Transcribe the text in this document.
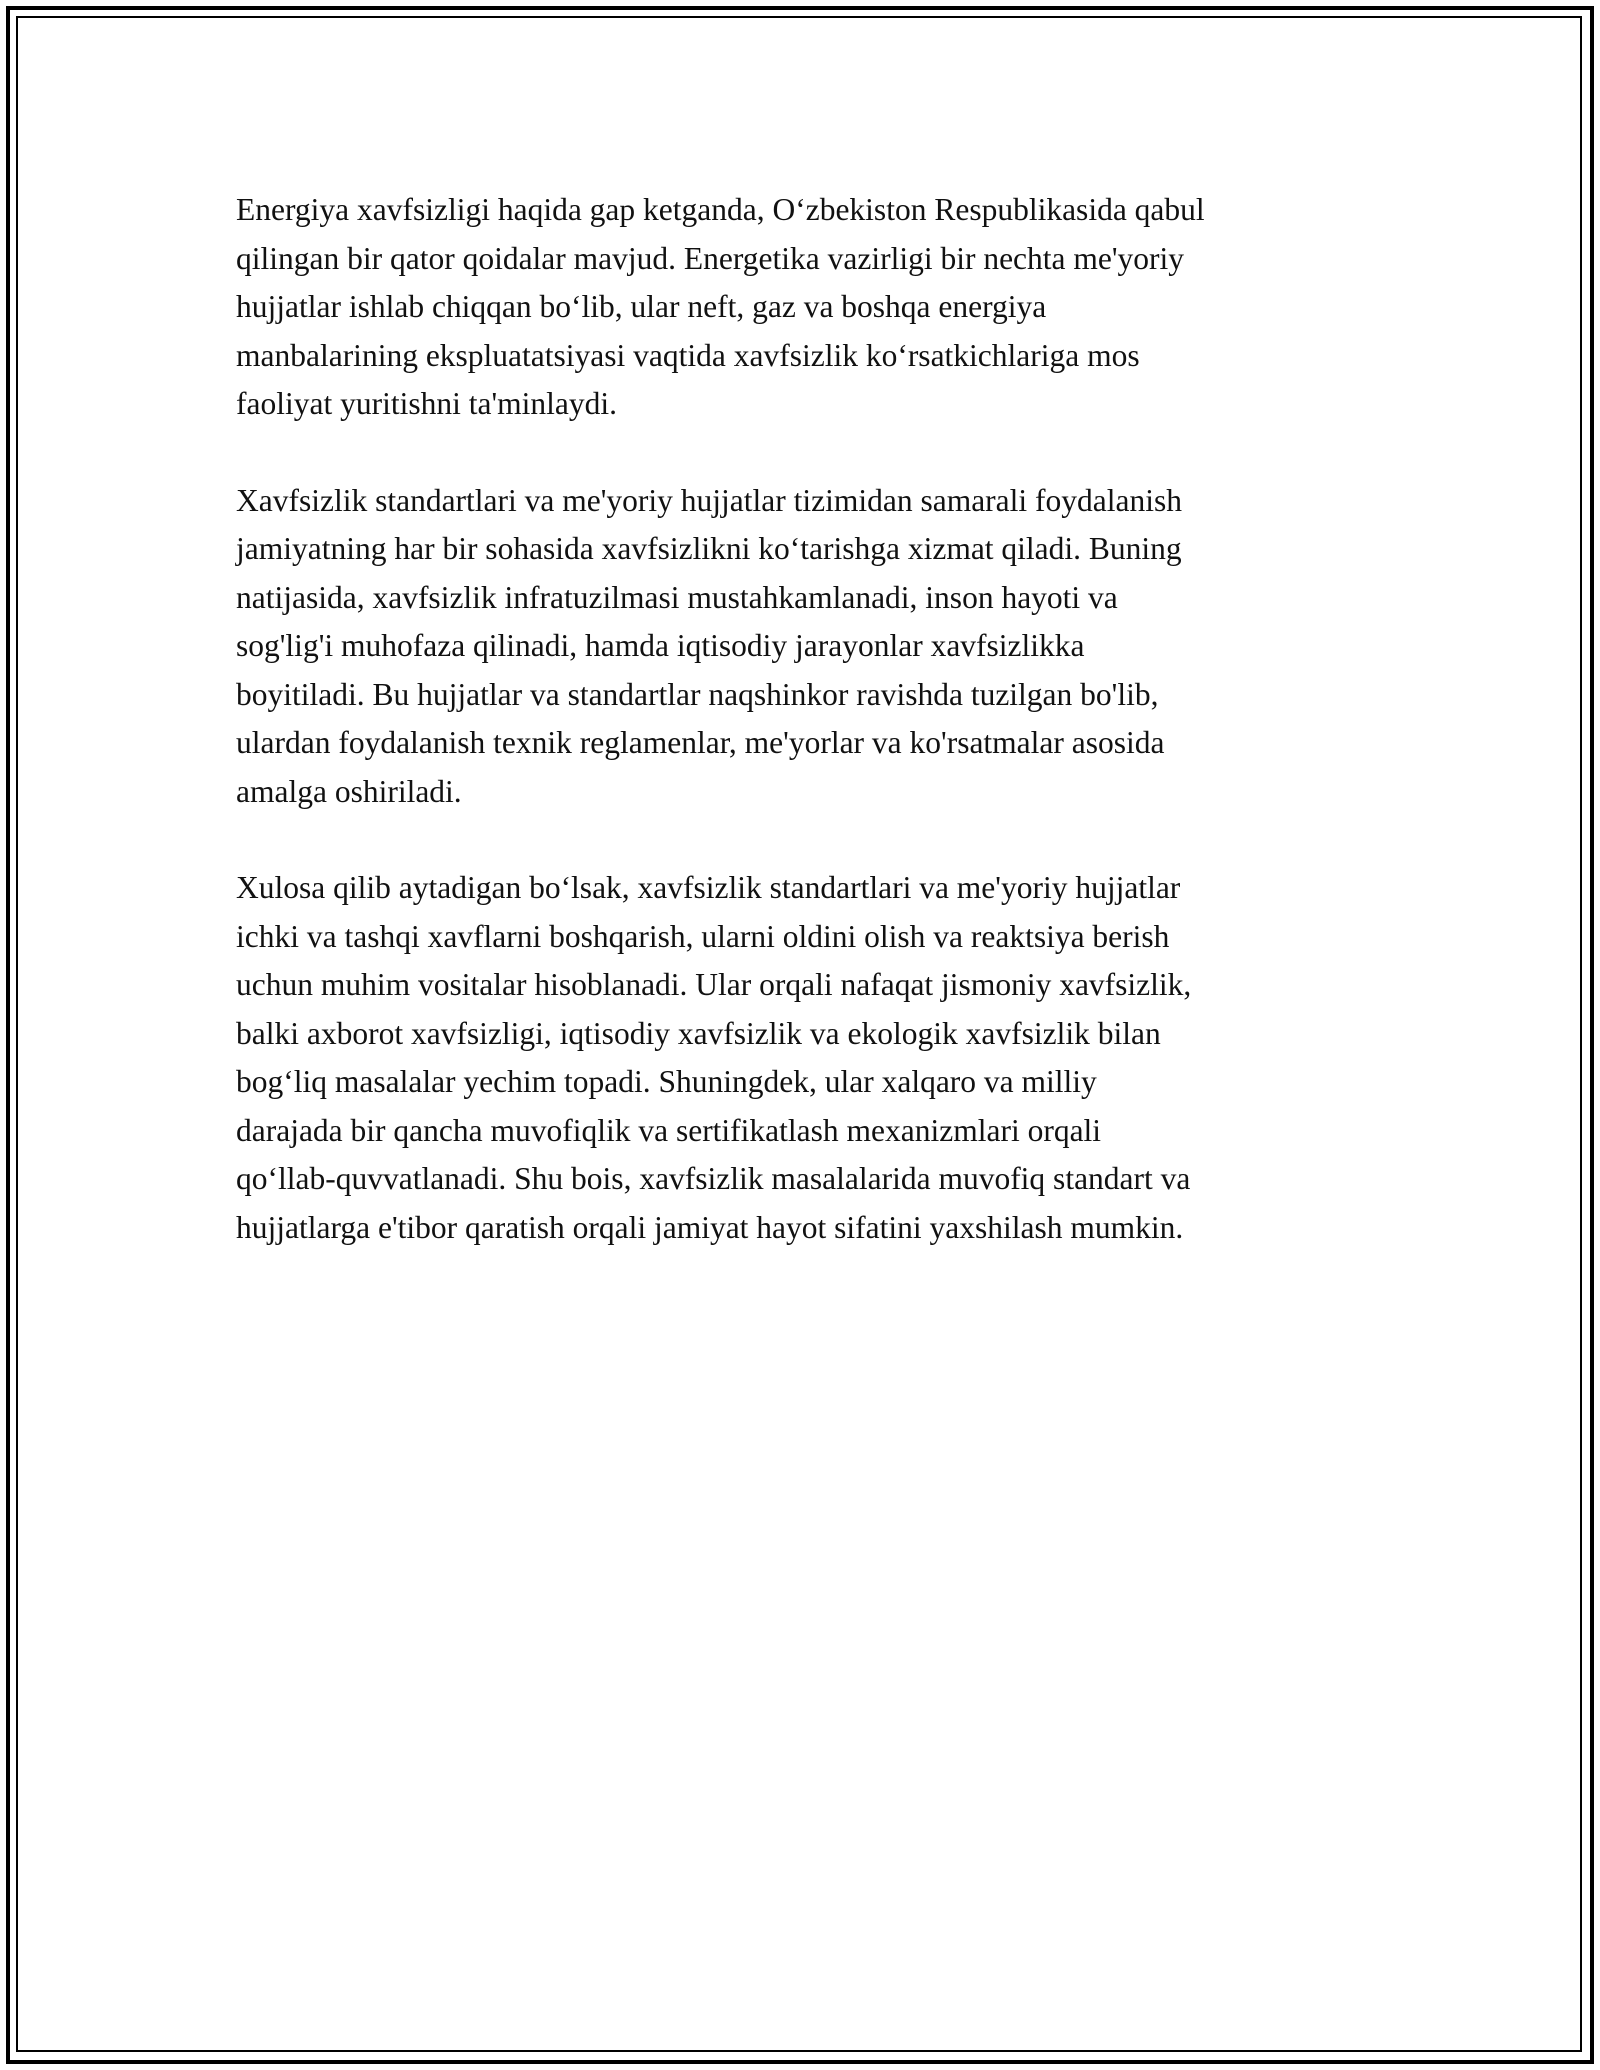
Energiya xavfsizligi haqida gap ketganda, O‘zbekiston Respublikasida qabul
qilingan bir qator qoidalar mavjud. Energetika vazirligi bir nechta me'yoriy
hujjatlar ishlab chiqqan bo‘lib, ular neft, gaz va boshqa energiya
manbalarining ekspluatatsiyasi vaqtida xavfsizlik ko‘rsatkichlariga mos
faoliyat yuritishni ta'minlaydi.

Xavfsizlik standartlari va me'yoriy hujjatlar tizimidan samarali foydalanish
jamiyatning har bir sohasida xavfsizlikni ko‘tarishga xizmat qiladi. Buning
natijasida, xavfsizlik infratuzilmasi mustahkamlanadi, inson hayoti va
sog'lig'i muhofaza qilinadi, hamda iqtisodiy jarayonlar xavfsizlikka
boyitiladi. Bu hujjatlar va standartlar naqshinkor ravishda tuzilgan bo'lib,
ulardan foydalanish texnik reglamenlar, me'yorlar va ko'rsatmalar asosida
amalga oshiriladi.

Xulosa qilib aytadigan bo‘lsak, xavfsizlik standartlari va me'yoriy hujjatlar
ichki va tashqi xavflarni boshqarish, ularni oldini olish va reaktsiya berish
uchun muhim vositalar hisoblanadi. Ular orqali nafaqat jismoniy xavfsizlik,
balki axborot xavfsizligi, iqtisodiy xavfsizlik va ekologik xavfsizlik bilan
bog‘liq masalalar yechim topadi. Shuningdek, ular xalqaro va milliy
darajada bir qancha muvofiqlik va sertifikatlash mexanizmlari orqali
qo‘llab-quvvatlanadi. Shu bois, xavfsizlik masalalarida muvofiq standart va
hujjatlarga e'tibor qaratish orqali jamiyat hayot sifatini yaxshilash mumkin.
